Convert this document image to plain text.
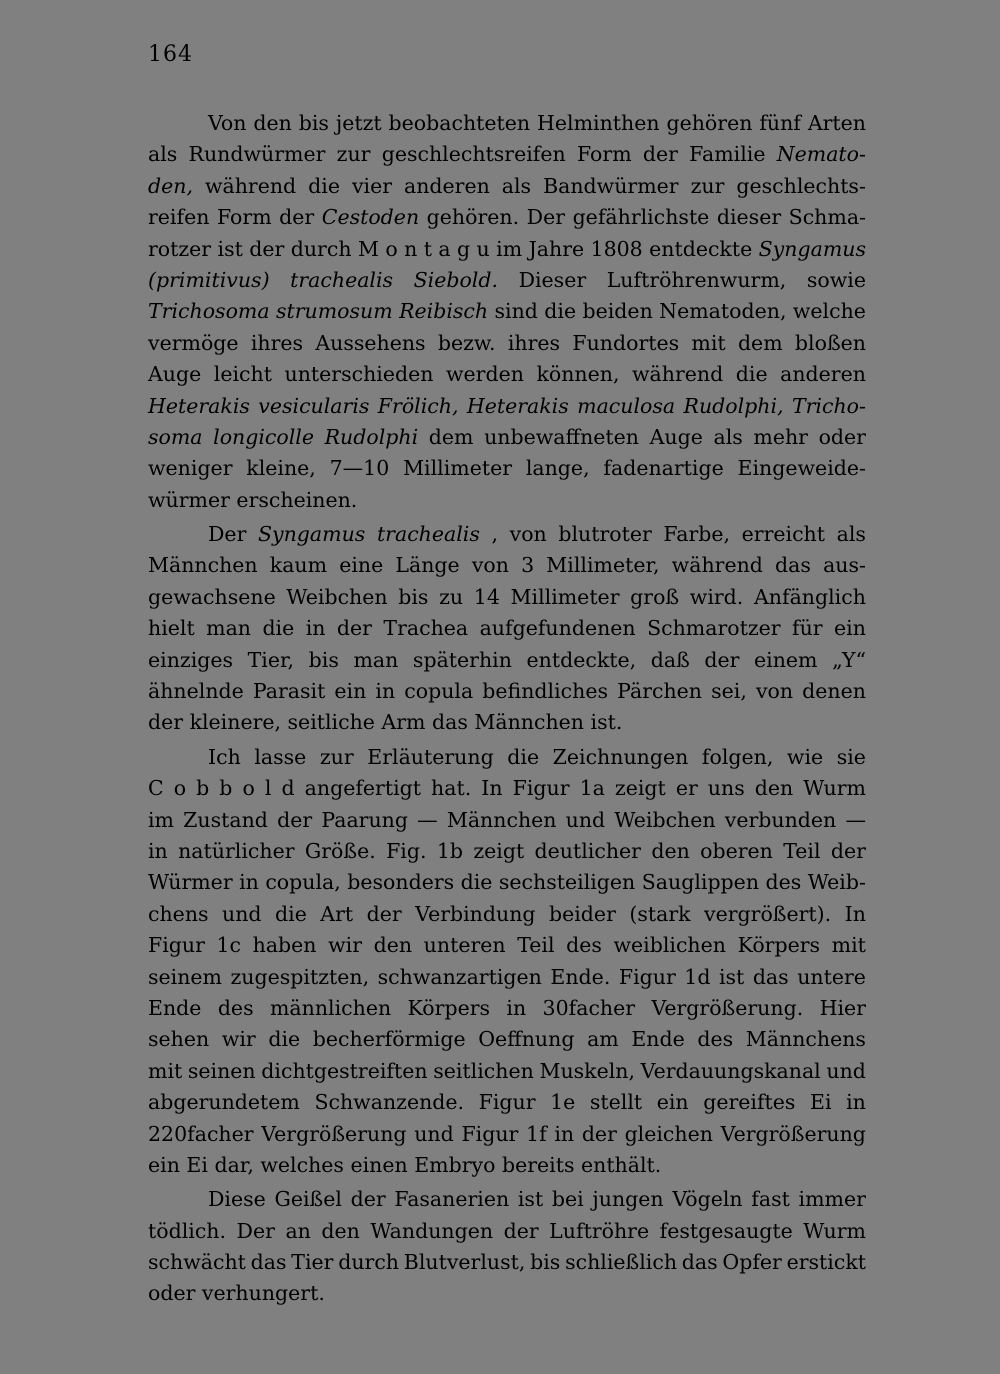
164
Von den bis jetzt beobachteten Helminthen gehören fünf Arten
als Rundwürmer zur geschlechtsreifen Form der Familie Nemato-
den, während die vier anderen als Bandwürmer zur geschlechts-
reifen Form der Cestoden gehören. Der gefährlichste dieser Schma-
rotzer ist der durch M o n t a g u im Jahre 1808 entdeckte Syngamus
(primitivus) trachealis Siebold. Dieser Luftröhrenwurm, sowie
Trichosoma strumosum Reibisch sind die beiden Nematoden, welche
vermöge ihres Aussehens bezw. ihres Fundortes mit dem bloßen
Auge leicht unterschieden werden können, während die anderen
Heterakis vesicularis Frölich, Heterakis maculosa Rudolphi, Tricho-
soma longicolle Rudolphi dem unbewaffneten Auge als mehr oder
weniger kleine, 7—10 Millimeter lange, fadenartige Eingeweide-
würmer erscheinen.
Der Syngamus trachealis , von blutroter Farbe, erreicht als
Männchen kaum eine Länge von 3 Millimeter, während das aus-
gewachsene Weibchen bis zu 14 Millimeter groß wird. Anfänglich
hielt man die in der Trachea aufgefundenen Schmarotzer für ein
einziges Tier, bis man späterhin entdeckte, daß der einem „Y“
ähnelnde Parasit ein in copula befindliches Pärchen sei, von denen
der kleinere, seitliche Arm das Männchen ist.
Ich lasse zur Erläuterung die Zeichnungen folgen, wie sie
C o b b o l d angefertigt hat. In Figur 1a zeigt er uns den Wurm
im Zustand der Paarung — Männchen und Weibchen verbunden —
in natürlicher Größe. Fig. 1b zeigt deutlicher den oberen Teil der
Würmer in copula, besonders die sechsteiligen Sauglippen des Weib-
chens und die Art der Verbindung beider (stark vergrößert). In
Figur 1c haben wir den unteren Teil des weiblichen Körpers mit
seinem zugespitzten, schwanzartigen Ende. Figur 1d ist das untere
Ende des männlichen Körpers in 30facher Vergrößerung. Hier
sehen wir die becherförmige Oeffnung am Ende des Männchens
mit seinen dichtgestreiften seitlichen Muskeln, Verdauungskanal und
abgerundetem Schwanzende. Figur 1e stellt ein gereiftes Ei in
220facher Vergrößerung und Figur 1f in der gleichen Vergrößerung
ein Ei dar, welches einen Embryo bereits enthält.
Diese Geißel der Fasanerien ist bei jungen Vögeln fast immer
tödlich. Der an den Wandungen der Luftröhre festgesaugte Wurm
schwächt das Tier durch Blutverlust, bis schließlich das Opfer erstickt
oder verhungert.
